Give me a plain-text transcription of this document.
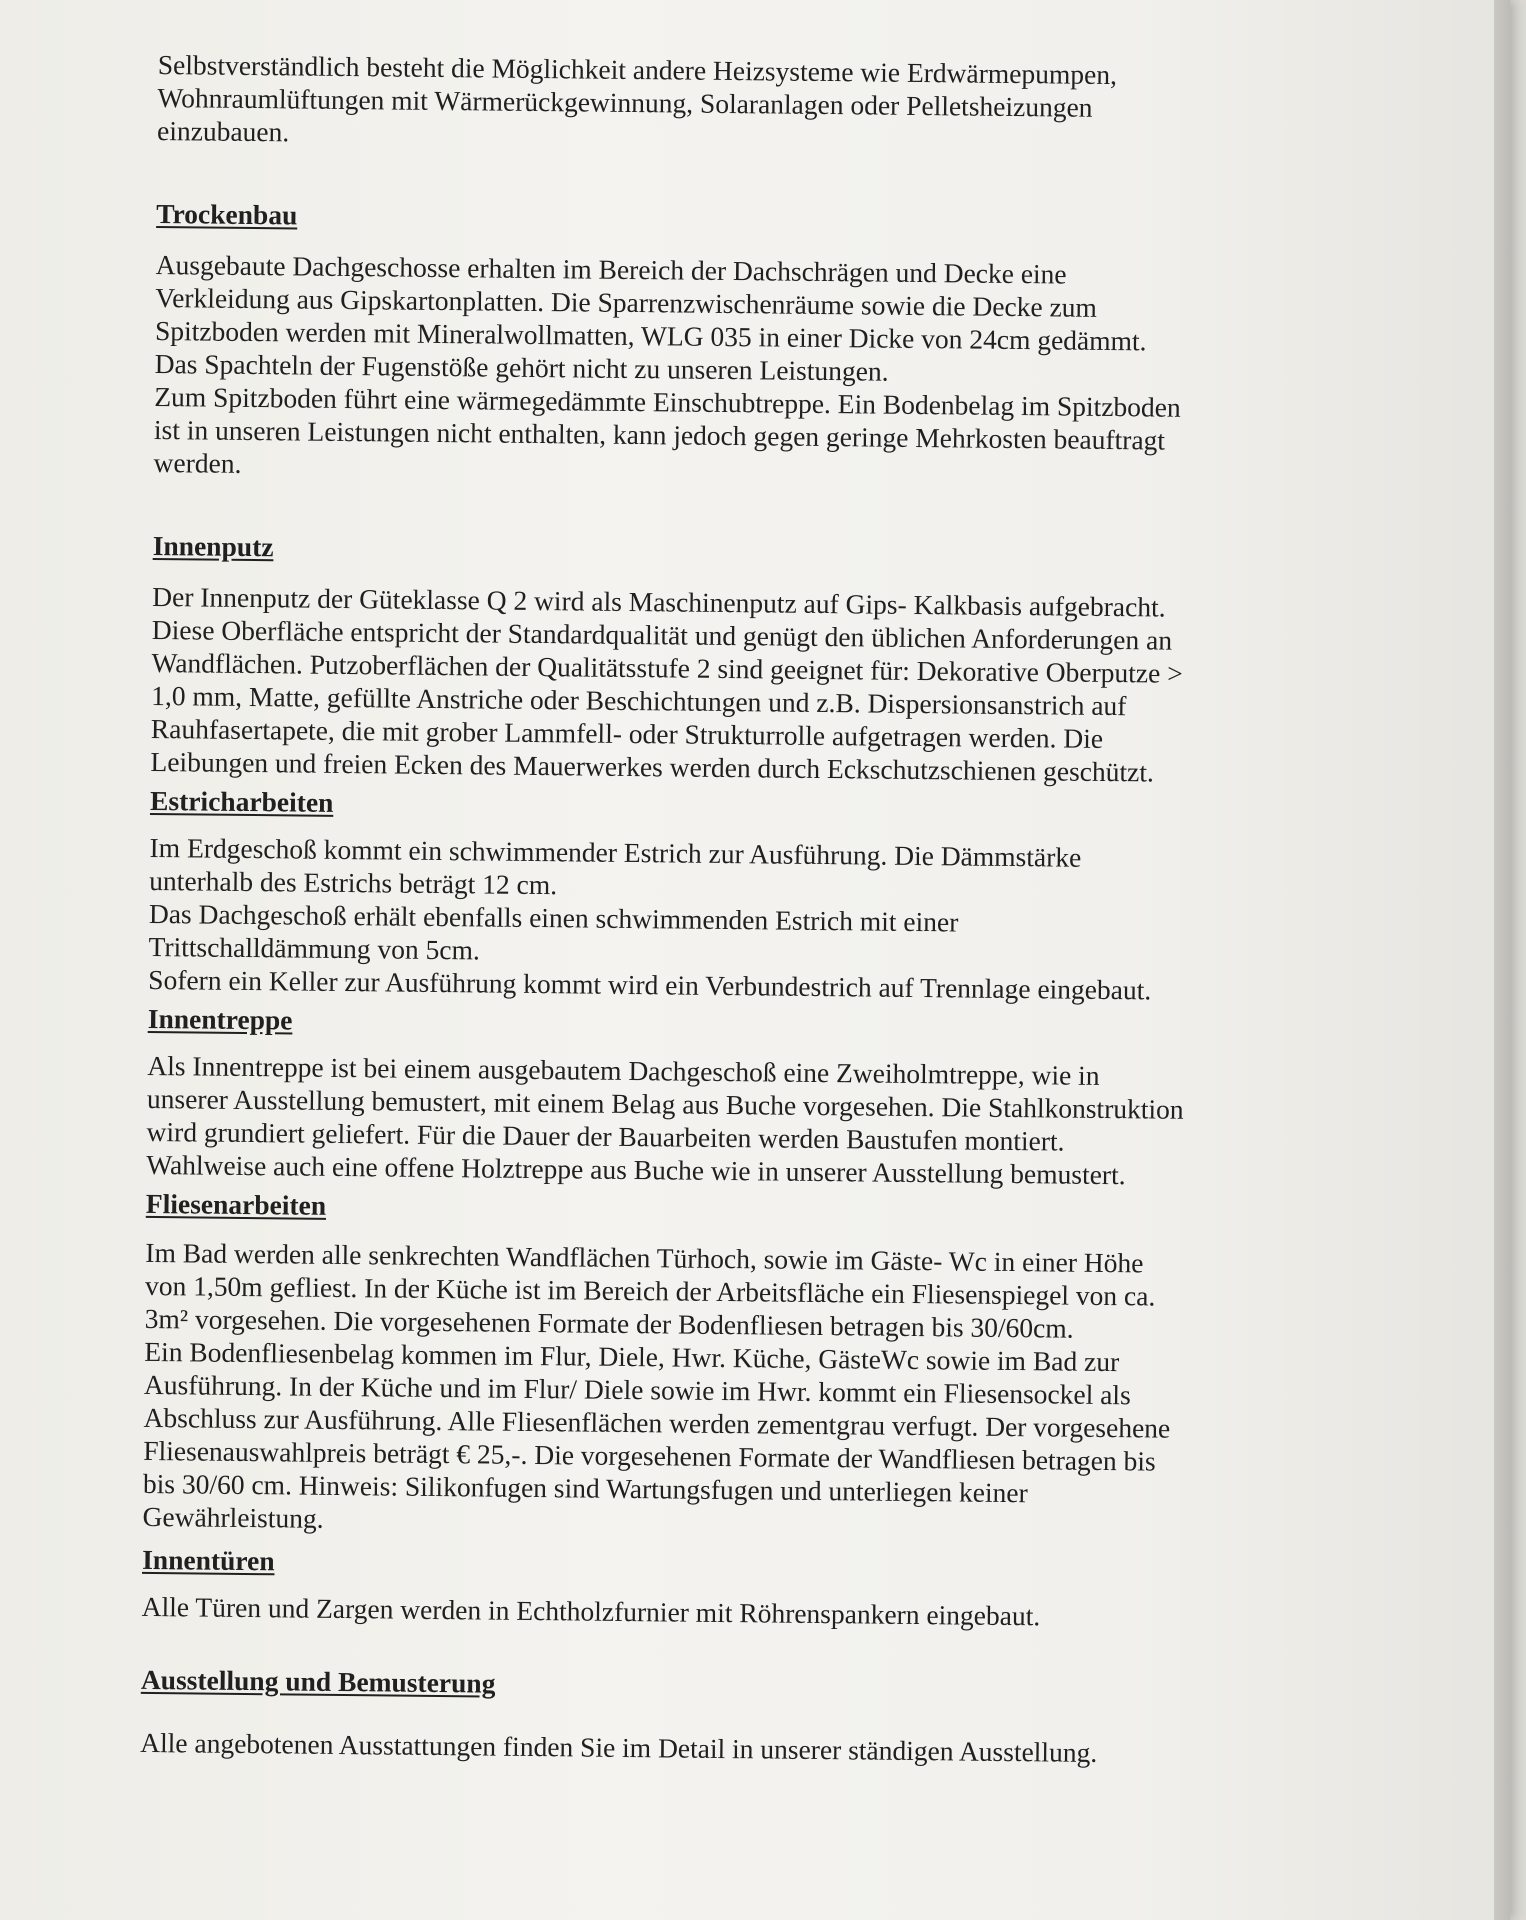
Selbstverständlich besteht die Möglichkeit andere Heizsysteme wie Erdwärmepumpen,
Wohnraumlüftungen mit Wärmerückgewinnung, Solaranlagen oder Pelletsheizungen
einzubauen.
Trockenbau
Ausgebaute Dachgeschosse erhalten im Bereich der Dachschrägen und Decke eine
Verkleidung aus Gipskartonplatten. Die Sparrenzwischenräume sowie die Decke zum
Spitzboden werden mit Mineralwollmatten, WLG 035 in einer Dicke von 24cm gedämmt.
Das Spachteln der Fugenstöße gehört nicht zu unseren Leistungen.
Zum Spitzboden führt eine wärmegedämmte Einschubtreppe. Ein Bodenbelag im Spitzboden
ist in unseren Leistungen nicht enthalten, kann jedoch gegen geringe Mehrkosten beauftragt
werden.
Innenputz
Der Innenputz der Güteklasse Q 2 wird als Maschinenputz auf Gips- Kalkbasis aufgebracht.
Diese Oberfläche entspricht der Standardqualität und genügt den üblichen Anforderungen an
Wandflächen. Putzoberflächen der Qualitätsstufe 2 sind geeignet für: Dekorative Oberputze >
1,0 mm, Matte, gefüllte Anstriche oder Beschichtungen und z.B. Dispersionsanstrich auf
Rauhfasertapete, die mit grober Lammfell- oder Strukturrolle aufgetragen werden. Die
Leibungen und freien Ecken des Mauerwerkes werden durch Eckschutzschienen geschützt.
Estricharbeiten
Im Erdgeschoß kommt ein schwimmender Estrich zur Ausführung. Die Dämmstärke
unterhalb des Estrichs beträgt 12 cm.
Das Dachgeschoß erhält ebenfalls einen schwimmenden Estrich mit einer
Trittschalldämmung von 5cm.
Sofern ein Keller zur Ausführung kommt wird ein Verbundestrich auf Trennlage eingebaut.
Innentreppe
Als Innentreppe ist bei einem ausgebautem Dachgeschoß eine Zweiholmtreppe, wie in
unserer Ausstellung bemustert, mit einem Belag aus Buche vorgesehen. Die Stahlkonstruktion
wird grundiert geliefert. Für die Dauer der Bauarbeiten werden Baustufen montiert.
Wahlweise auch eine offene Holztreppe aus Buche wie in unserer Ausstellung bemustert.
Fliesenarbeiten
Im Bad werden alle senkrechten Wandflächen Türhoch, sowie im Gäste- Wc in einer Höhe
von 1,50m gefliest. In der Küche ist im Bereich der Arbeitsfläche ein Fliesenspiegel von ca.
3m² vorgesehen. Die vorgesehenen Formate der Bodenfliesen betragen bis 30/60cm.
Ein Bodenfliesenbelag kommen im Flur, Diele, Hwr. Küche, GästeWc sowie im Bad zur
Ausführung. In der Küche und im Flur/ Diele sowie im Hwr. kommt ein Fliesensockel als
Abschluss zur Ausführung. Alle Fliesenflächen werden zementgrau verfugt. Der vorgesehene
Fliesenauswahlpreis beträgt € 25,-. Die vorgesehenen Formate der Wandfliesen betragen bis
bis 30/60 cm. Hinweis: Silikonfugen sind Wartungsfugen und unterliegen keiner
Gewährleistung.
Innentüren
Alle Türen und Zargen werden in Echtholzfurnier mit Röhrenspankern eingebaut.
Ausstellung und Bemusterung
Alle angebotenen Ausstattungen finden Sie im Detail in unserer ständigen Ausstellung.
